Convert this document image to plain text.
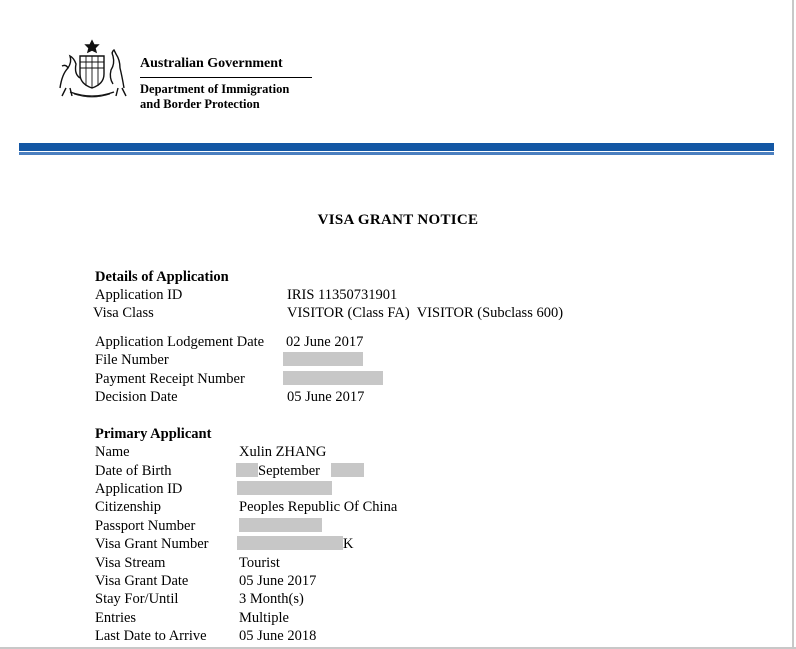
Australian Government
Department of Immigration
and Border Protection
VISA GRANT NOTICE
Details of Application
Application ID	IRIS 11350731901
Visa Class	VISITOR (Class FA)  VISITOR (Subclass 600)
Application Lodgement Date 02 June 2017
File Number
Payment Receipt Number
Decision Date	05 June 2017
Primary Applicant
Name	Xulin ZHANG
Date of Birth	September
Application ID
Citizenship	Peoples Republic Of China
Passport Number
Visa Grant Number	K
Visa Stream	Tourist
Visa Grant Date	05 June 2017
Stay For/Until	3 Month(s)
Entries	Multiple
Last Date to Arrive 05 June 2018
